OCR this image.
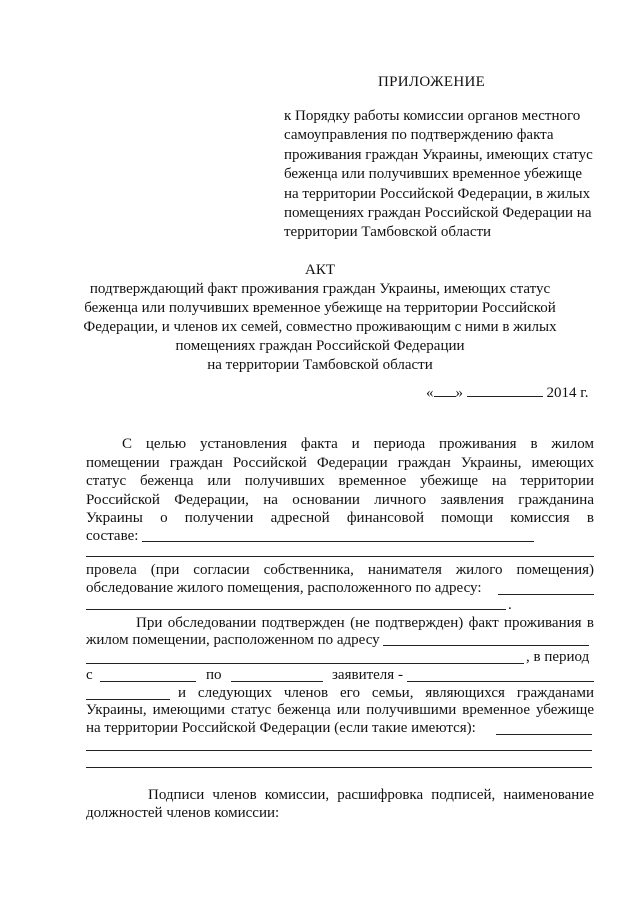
ПРИЛОЖЕНИЕ
к Порядку работы комиссии органов местного
самоуправления по подтверждению факта
проживания граждан Украины, имеющих статус
беженца или получивших временное убежище
на территории Российской Федерации, в жилых
помещениях граждан Российской Федерации на
территории Тамбовской области
АКТ
подтверждающий факт проживания граждан Украины, имеющих статус
беженца или получивших временное убежище на территории Российской
Федерации, и членов их семей, совместно проживающим с ними в жилых
помещениях граждан Российской Федерации
на территории Тамбовской области
« »	2014 г.
С целью установления факта и периода проживания в жилом
помещении граждан Российской Федерации граждан Украины, имеющих
статус беженца или получивших временное убежище на территории
Российской Федерации, на основании личного заявления гражданина
Украины о получении адресной финансовой помощи комиссия в
составе:
провела (при согласии собственника, нанимателя жилого помещения)
обследование жилого помещения, расположенного по адресу:
.
При обследовании подтвержден (не подтвержден) факт проживания в
жилом помещении, расположенном по адресу
, в период
с	по	заявителя -
и следующих членов его семьи, являющихся гражданами
Украины, имеющими статус беженца или получившими временное убежище
на территории Российской Федерации (если такие имеются):
Подписи членов комиссии, расшифровка подписей, наименование
должностей членов комиссии:
